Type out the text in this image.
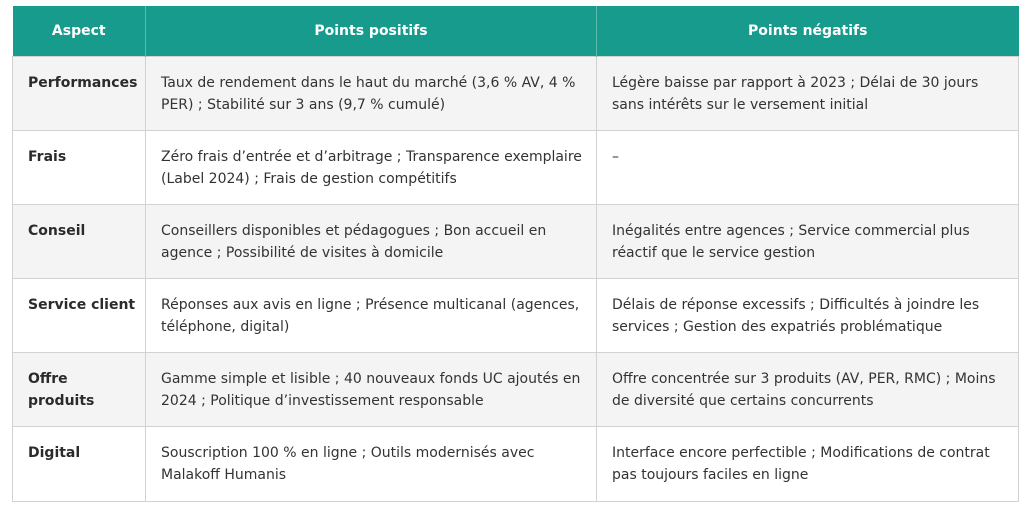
Aspect	Points positifs	Points négatifs
Performances	Taux de rendement dans le haut du marché (3,6 % AV, 4 % PER) ; Stabilité sur 3 ans (9,7 % cumulé)	Légère baisse par rapport à 2023 ; Délai de 30 jours sans intérêts sur le versement initial
Frais	Zéro frais d’entrée et d’arbitrage ; Transparence exemplaire (Label 2024) ; Frais de gestion compétitifs	–
Conseil	Conseillers disponibles et pédagogues ; Bon accueil en agence ; Possibilité de visites à domicile	Inégalités entre agences ; Service commercial plus réactif que le service gestion
Service client	Réponses aux avis en ligne ; Présence multicanal (agences, téléphone, digital)	Délais de réponse excessifs ; Difficultés à joindre les services ; Gestion des expatriés problématique
Offre produits	Gamme simple et lisible ; 40 nouveaux fonds UC ajoutés en 2024 ; Politique d’investissement responsable	Offre concentrée sur 3 produits (AV, PER, RMC) ; Moins de diversité que certains concurrents
Digital	Souscription 100 % en ligne ; Outils modernisés avec Malakoff Humanis	Interface encore perfectible ; Modifications de contrat pas toujours faciles en ligne
